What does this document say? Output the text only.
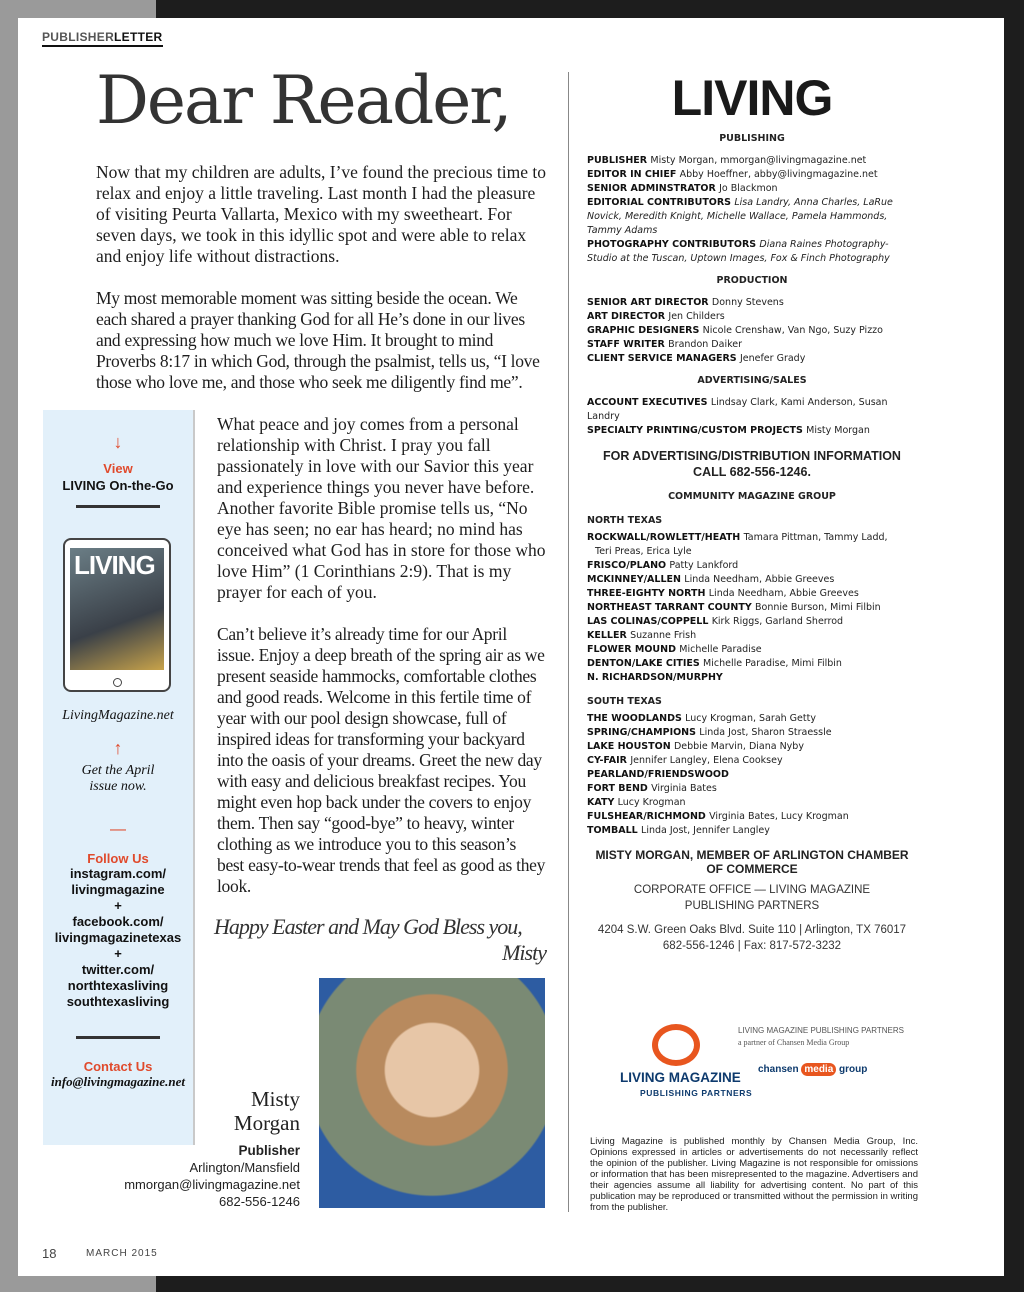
PUBLISHERLETTER
Dear Reader,
Now that my children are adults, I’ve found the precious time to relax and enjoy a little traveling. Last month I had the pleasure of visiting Peurta Vallarta, Mexico with my sweetheart. For seven days, we took in this idyllic spot and were able to relax and enjoy life without distractions.
My most memorable moment was sitting beside the ocean. We each shared a prayer thanking God for all He’s done in our lives and expressing how much we love Him. It brought to mind Proverbs 8:17 in which God, through the psalmist, tells us, “I love those who love me, and those who seek me diligently find me”.
What peace and joy comes from a personal relationship with Christ. I pray you fall passionately in love with our Savior this year and experience things you never have before. Another favorite Bible promise tells us, “No eye has seen; no ear has heard; no mind has conceived what God has in store for those who love Him” (1 Corinthians 2:9). That is my prayer for each of you.
Can’t believe it’s already time for our April issue. Enjoy a deep breath of the spring air as we present seaside hammocks, comfortable clothes and good reads. Welcome in this fertile time of year with our pool design showcase, full of inspired ideas for transforming your backyard into the oasis of your dreams. Greet the new day with easy and delicious breakfast recipes. You might even hop back under the covers to enjoy them. Then say “good-bye” to heavy, winter clothing as we introduce you to this season’s best easy-to-wear trends that feel as good as they look.
Happy Easter and May God Bless you,
Misty
↓
View
LIVING On-the-Go
LIVING
LivingMagazine.net
↑
Get the April issue now.
—
Follow Us
instagram.com/
livingmagazine
+
facebook.com/
livingmagazinetexas
+
twitter.com/
northtexasliving
southtexasliving
Contact Us
info@livingmagazine.net
Misty
Morgan
Publisher
Arlington/Mansfield
mmorgan@livingmagazine.net
682-556-1246
18	MARCH 2015
LIVING
PUBLISHING
PUBLISHER Misty Morgan, mmorgan@livingmagazine.net
EDITOR IN CHIEF Abby Hoeffner, abby@livingmagazine.net
SENIOR ADMINSTRATOR Jo Blackmon
EDITORIAL CONTRIBUTORS Lisa Landry, Anna Charles, LaRue Novick, Meredith Knight, Michelle Wallace, Pamela Hammonds, Tammy Adams
PHOTOGRAPHY CONTRIBUTORS Diana Raines Photography-Studio at the Tuscan, Uptown Images, Fox & Finch Photography
PRODUCTION
SENIOR ART DIRECTOR Donny Stevens
ART DIRECTOR Jen Childers
GRAPHIC DESIGNERS Nicole Crenshaw, Van Ngo, Suzy Pizzo
STAFF WRITER Brandon Daiker
CLIENT SERVICE MANAGERS Jenefer Grady
ADVERTISING/SALES
ACCOUNT EXECUTIVES Lindsay Clark, Kami Anderson, Susan Landry
SPECIALTY PRINTING/CUSTOM PROJECTS Misty Morgan
FOR ADVERTISING/DISTRIBUTION INFORMATION
CALL 682-556-1246.
COMMUNITY MAGAZINE GROUP
NORTH TEXAS
ROCKWALL/ROWLETT/HEATH Tamara Pittman, Tammy Ladd,
Teri Preas, Erica Lyle
FRISCO/PLANO Patty Lankford
MCKINNEY/ALLEN Linda Needham, Abbie Greeves
THREE-EIGHTY NORTH Linda Needham, Abbie Greeves
NORTHEAST TARRANT COUNTY Bonnie Burson, Mimi Filbin
LAS COLINAS/COPPELL Kirk Riggs, Garland Sherrod
KELLER Suzanne Frish
FLOWER MOUND Michelle Paradise
DENTON/LAKE CITIES Michelle Paradise, Mimi Filbin
N. RICHARDSON/MURPHY
SOUTH TEXAS
THE WOODLANDS Lucy Krogman, Sarah Getty
SPRING/CHAMPIONS Linda Jost, Sharon Straessle
LAKE HOUSTON Debbie Marvin, Diana Nyby
CY-FAIR Jennifer Langley, Elena Cooksey
PEARLAND/FRIENDSWOOD
FORT BEND Virginia Bates
KATY Lucy Krogman
FULSHEAR/RICHMOND Virginia Bates, Lucy Krogman
TOMBALL Linda Jost, Jennifer Langley
MISTY MORGAN, MEMBER OF ARLINGTON CHAMBER OF COMMERCE
CORPORATE OFFICE — LIVING MAGAZINE
PUBLISHING PARTNERS
4204 S.W. Green Oaks Blvd. Suite 110 | Arlington, TX 76017
682-556-1246 | Fax: 817-572-3232
LIVING MAGAZINE
PUBLISHING PARTNERS
LIVING MAGAZINE PUBLISHING PARTNERS
a partner of Chansen Media Group
chansen media group
Living Magazine is published monthly by Chansen Media Group, Inc. Opinions expressed in articles or advertisements do not necessarily reflect the opinion of the publisher. Living Magazine is not responsible for omissions or information that has been misrepresented to the magazine. Advertisers and their agencies assume all liability for advertising content. No part of this publication may be reproduced or transmitted without the permission in writing from the publisher.
